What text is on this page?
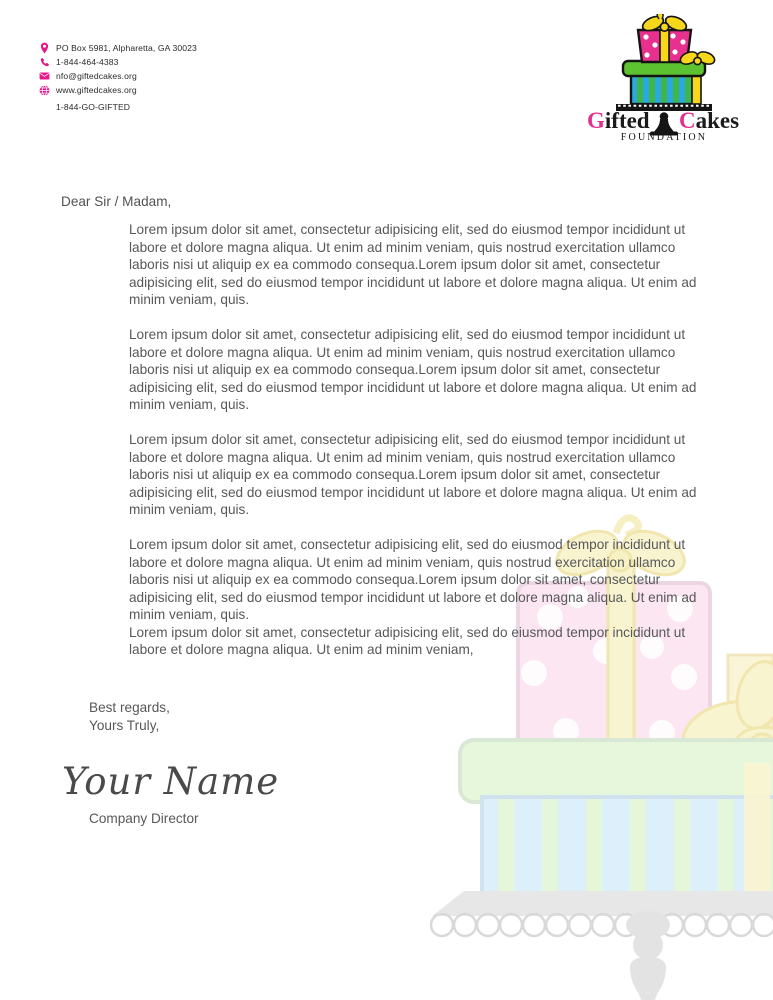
PO Box 5981, Alpharetta, GA 30023
1-844-464-4383
nfo@giftedcakes.org
www.giftedcakes.org
1-844-GO-GIFTED
Gifted Cakes
FOUNDATION
Dear Sir / Madam,

Lorem ipsum dolor sit amet, consectetur adipisicing elit, sed do eiusmod tempor incididunt ut labore et dolore magna aliqua. Ut enim ad minim veniam, quis nostrud exercitation ullamco laboris nisi ut aliquip ex ea commodo consequa.Lorem ipsum dolor sit amet, consectetur adipisicing elit, sed do eiusmod tempor incididunt ut labore et dolore magna aliqua. Ut enim ad minim veniam, quis.

Lorem ipsum dolor sit amet, consectetur adipisicing elit, sed do eiusmod tempor incididunt ut labore et dolore magna aliqua. Ut enim ad minim veniam, quis nostrud exercitation ullamco laboris nisi ut aliquip ex ea commodo consequa.Lorem ipsum dolor sit amet, consectetur adipisicing elit, sed do eiusmod tempor incididunt ut labore et dolore magna aliqua. Ut enim ad minim veniam, quis.

Lorem ipsum dolor sit amet, consectetur adipisicing elit, sed do eiusmod tempor incididunt ut labore et dolore magna aliqua. Ut enim ad minim veniam, quis nostrud exercitation ullamco laboris nisi ut aliquip ex ea commodo consequa.Lorem ipsum dolor sit amet, consectetur adipisicing elit, sed do eiusmod tempor incididunt ut labore et dolore magna aliqua. Ut enim ad minim veniam, quis.

Lorem ipsum dolor sit amet, consectetur adipisicing elit, sed do eiusmod tempor incididunt ut labore et dolore magna aliqua. Ut enim ad minim veniam, quis nostrud exercitation ullamco laboris nisi ut aliquip ex ea commodo consequa.Lorem ipsum dolor sit amet, consectetur adipisicing elit, sed do eiusmod tempor incididunt ut labore et dolore magna aliqua. Ut enim ad minim veniam, quis.

Lorem ipsum dolor sit amet, consectetur adipisicing elit, sed do eiusmod tempor incididunt ut labore et dolore magna aliqua. Ut enim ad minim veniam,

Best regards,
Yours Truly,
Your Name
Company Director
